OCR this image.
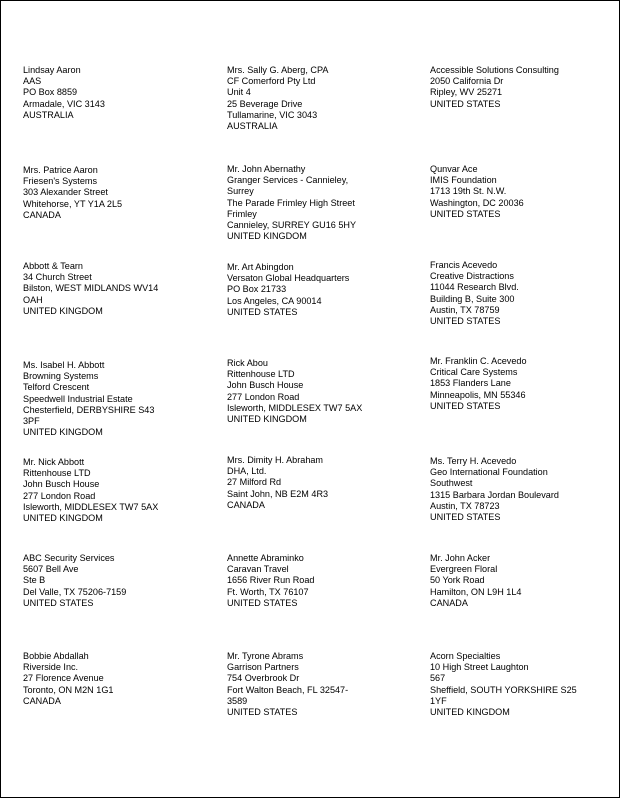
Lindsay Aaron
AAS
PO Box 8859
Armadale, VIC 3143
AUSTRALIA
Mrs. Sally G. Aberg, CPA
CF Comerford Pty Ltd
Unit 4
25 Beverage Drive
Tullamarine, VIC 3043
AUSTRALIA
Accessible Solutions Consulting
2050 California Dr
Ripley, WV 25271
UNITED STATES
Mrs. Patrice Aaron
Friesen's Systems
303 Alexander Street
Whitehorse, YT Y1A 2L5
CANADA
Mr. John Abernathy
Granger Services - Cannieley,
Surrey
The Parade Frimley High Street
Frimley
Cannieley, SURREY GU16 5HY
UNITED KINGDOM
Qunvar Ace
IMIS Foundation
1713 19th St. N.W.
Washington, DC 20036
UNITED STATES
Abbott & Tearn
34 Church Street
Bilston, WEST MIDLANDS WV14
OAH
UNITED KINGDOM
Mr. Art Abingdon
Versaton Global Headquarters
PO Box 21733
Los Angeles, CA 90014
UNITED STATES
Francis Acevedo
Creative Distractions
11044 Research Blvd.
Building B, Suite 300
Austin, TX 78759
UNITED STATES
Ms. Isabel H. Abbott
Browning Systems
Telford Crescent
Speedwell Industrial Estate
Chesterfield, DERBYSHIRE S43
3PF
UNITED KINGDOM
Rick Abou
Rittenhouse LTD
John Busch House
277 London Road
Isleworth, MIDDLESEX TW7 5AX
UNITED KINGDOM
Mr. Franklin C. Acevedo
Critical Care Systems
1853 Flanders Lane
Minneapolis, MN 55346
UNITED STATES
Mr. Nick Abbott
Rittenhouse LTD
John Busch House
277 London Road
Isleworth, MIDDLESEX TW7 5AX
UNITED KINGDOM
Mrs. Dimity H. Abraham
DHA, Ltd.
27 Milford Rd
Saint John, NB E2M 4R3
CANADA
Ms. Terry H. Acevedo
Geo International Foundation
Southwest
1315 Barbara Jordan Boulevard
Austin, TX 78723
UNITED STATES
ABC Security Services
5607 Bell Ave
Ste B
Del Valle, TX 75206-7159
UNITED STATES
Annette Abraminko
Caravan Travel
1656 River Run Road
Ft. Worth, TX 76107
UNITED STATES
Mr. John Acker
Evergreen Floral
50 York Road
Hamilton, ON L9H 1L4
CANADA
Bobbie Abdallah
Riverside Inc.
27 Florence Avenue
Toronto, ON M2N 1G1
CANADA
Mr. Tyrone Abrams
Garrison Partners
754 Overbrook Dr
Fort Walton Beach, FL 32547-
3589
UNITED STATES
Acorn Specialties
10 High Street Laughton
567
Sheffield, SOUTH YORKSHIRE S25
1YF
UNITED KINGDOM
